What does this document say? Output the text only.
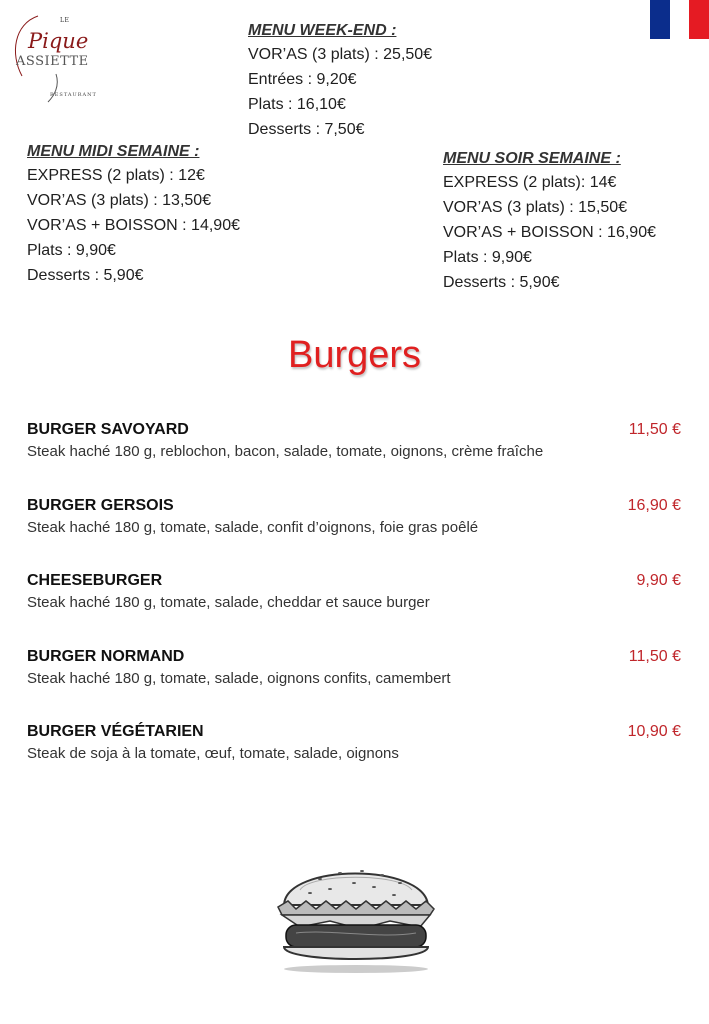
LE
Pique
ASSIETTE
RESTAURANT
MENU WEEK-END :
VOR’AS (3 plats) : 25,50€
Entrées : 9,20€
Plats : 16,10€
Desserts : 7,50€
MENU MIDI SEMAINE :
EXPRESS (2 plats) : 12€
VOR’AS (3 plats) : 13,50€
VOR’AS + BOISSON : 14,90€
Plats : 9,90€
Desserts : 5,90€
MENU SOIR SEMAINE :
EXPRESS (2 plats): 14€
VOR’AS (3 plats) : 15,50€
VOR’AS + BOISSON : 16,90€
Plats : 9,90€
Desserts : 5,90€
Burgers
BURGER SAVOYARD
Steak haché 180 g, reblochon, bacon, salade, tomate, oignons, crème fraîche
11,50 €
BURGER GERSOIS
Steak haché 180 g, tomate, salade, confit d’oignons, foie gras poêlé
16,90 €
CHEESEBURGER
Steak haché 180 g, tomate, salade, cheddar et sauce burger
9,90 €
BURGER NORMAND
Steak haché 180 g, tomate, salade, oignons confits, camembert
11,50 €
BURGER VÉGÉTARIEN
Steak de soja à la tomate, œuf, tomate, salade, oignons
10,90 €
